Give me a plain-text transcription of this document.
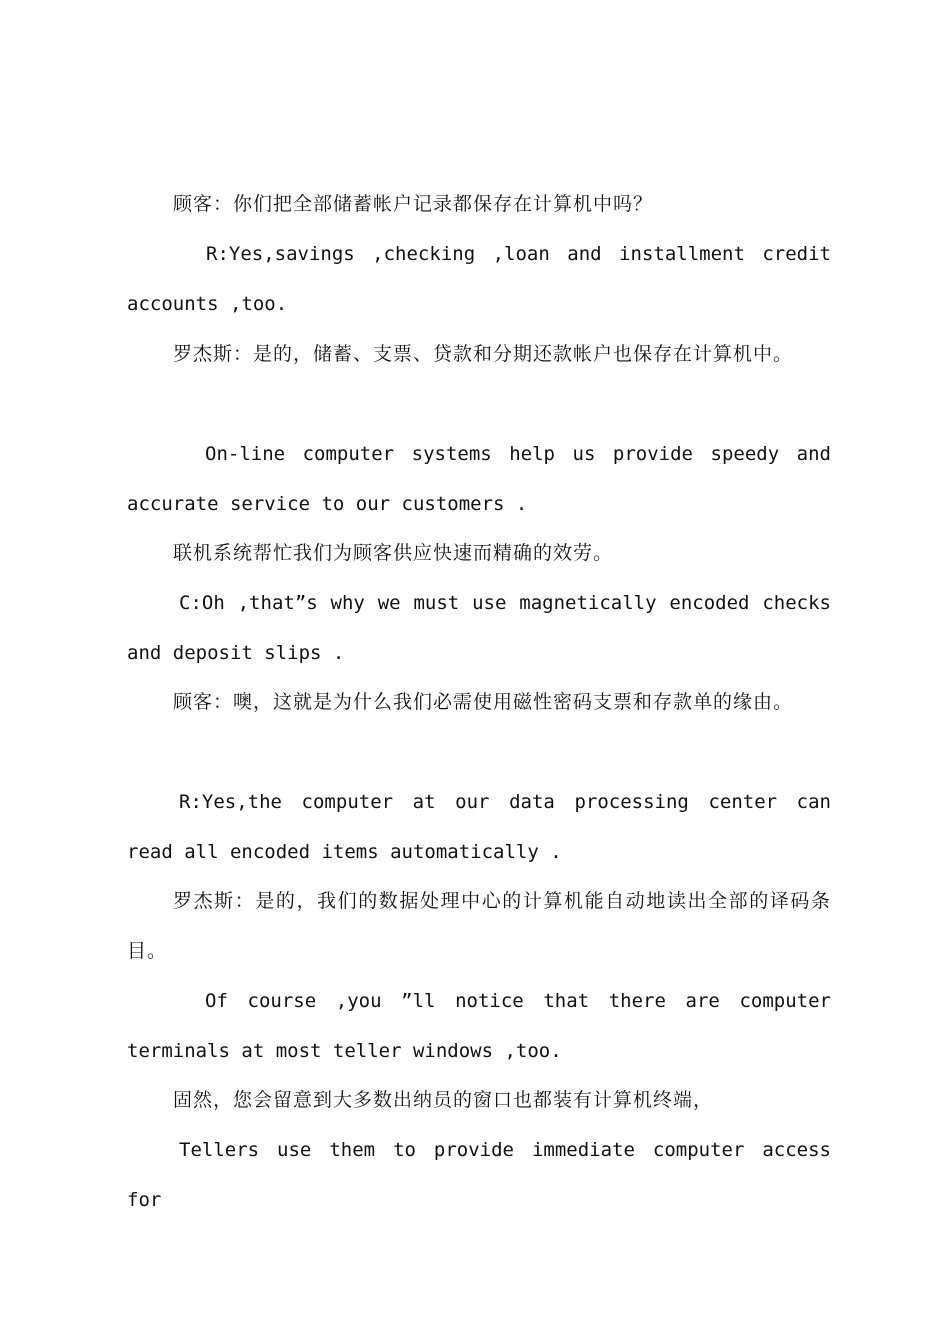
顾客：你们把全部储蓄帐户记录都保存在计算机中吗？

R:Yes,savings ,checking ,loan and installment credit accounts ,too.

罗杰斯：是的，储蓄、支票、贷款和分期还款帐户也保存在计算机中。

On-line computer systems help us provide speedy and accurate service to our customers .

联机系统帮忙我们为顾客供应快速而精确的效劳。

C:Oh ,that”s why we must use magnetically encoded checks and deposit slips .

顾客：噢，这就是为什么我们必需使用磁性密码支票和存款单的缘由。

R:Yes,the computer at our data processing center can read all encoded items automatically .

罗杰斯：是的，我们的数据处理中心的计算机能自动地读出全部的译码条目。

Of course ,you ”ll notice that there are computer terminals at most teller windows ,too.

固然，您会留意到大多数出纳员的窗口也都装有计算机终端，

Tellers use them to provide immediate computer access for
